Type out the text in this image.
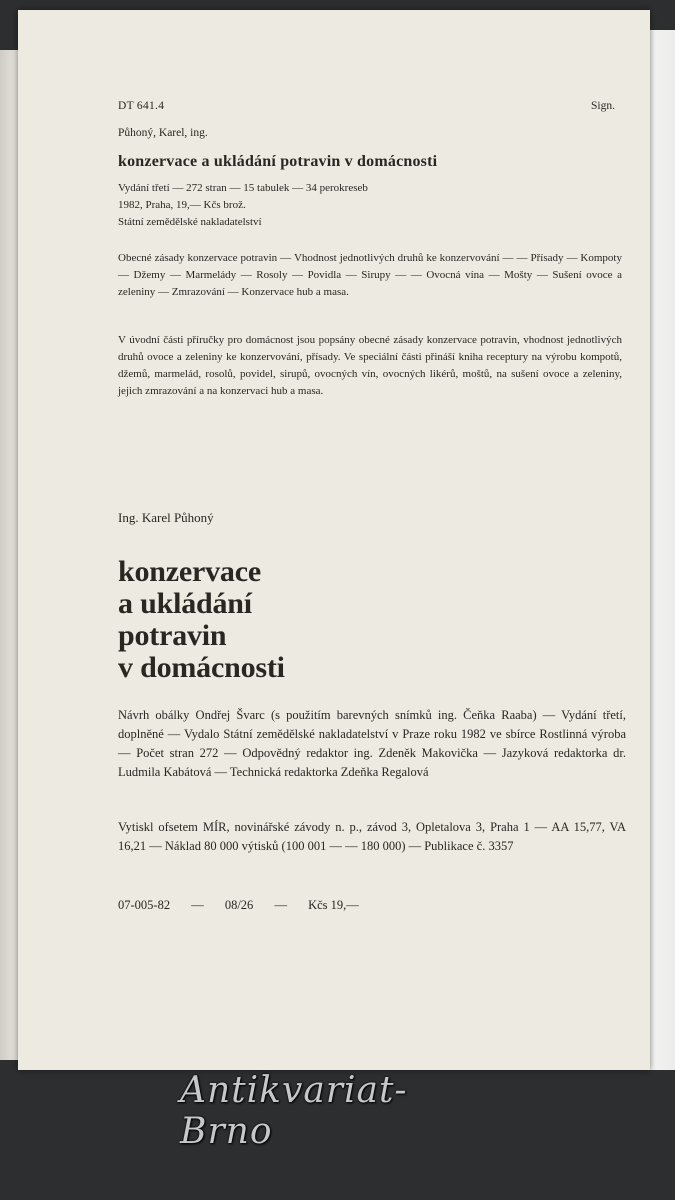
DT 641.4	Sign.
Půhoný, Karel, ing.
konzervace a ukládání potravin v domácnosti
Vydání třetí — 272 stran — 15 tabulek — 34 perokreseb
1982, Praha, 19,— Kčs brož.
Státní zemědělské nakladatelství
Obecné zásady konzervace potravin — Vhodnost jednotlivých druhů ke konzervování — — Přísady — Kompoty — Džemy — Marmelády — Rosoly — Povidla — Sirupy — — Ovocná vína — Mošty — Sušení ovoce a zeleniny — Zmrazování — Konzervace hub a masa.
V úvodní části příručky pro domácnost jsou popsány obecné zásady konzervace potravin, vhodnost jednotlivých druhů ovoce a zeleniny ke konzervování, přísady. Ve speciální části přináší kniha receptury na výrobu kompotů, džemů, marmelád, rosolů, povidel, sirupů, ovocných vín, ovocných likérů, moštů, na sušení ovoce a zeleniny, jejich zmrazování a na konzervaci hub a masa.
Ing. Karel Půhoný
konzervace
a ukládání
potravin
v domácnosti
Návrh obálky Ondřej Švarc (s použitím barevných snímků ing. Čeňka Raaba) — Vydání třetí, doplněné — Vydalo Státní zemědělské nakladatelství v Praze roku 1982 ve sbírce Rostlinná výroba — Počet stran 272 — Odpovědný redaktor ing. Zdeněk Makovička — Jazyková redaktorka dr. Ludmila Kabátová — Technická redaktorka Zdeňka Regalová
Vytiskl ofsetem MÍR, novinářské závody n. p., závod 3, Opletalova 3, Praha 1 — AA 15,77, VA 16,21 — Náklad 80 000 výtisků (100 001 — — 180 000) — Publikace č. 3357
07-005-82 — 08/26 — Kčs 19,—
Antikvariat-Brno
